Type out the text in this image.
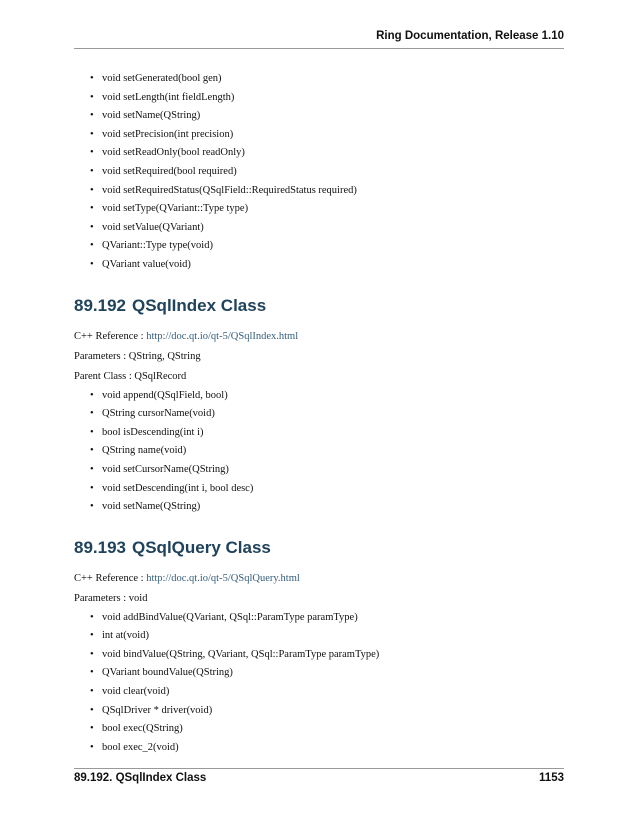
Ring Documentation, Release 1.10
• void setGenerated(bool gen)
• void setLength(int fieldLength)
• void setName(QString)
• void setPrecision(int precision)
• void setReadOnly(bool readOnly)
• void setRequired(bool required)
• void setRequiredStatus(QSqlField::RequiredStatus required)
• void setType(QVariant::Type type)
• void setValue(QVariant)
• QVariant::Type type(void)
• QVariant value(void)
89.192 QSqlIndex Class
C++ Reference : http://doc.qt.io/qt-5/QSqlIndex.html
Parameters : QString, QString
Parent Class : QSqlRecord
• void append(QSqlField, bool)
• QString cursorName(void)
• bool isDescending(int i)
• QString name(void)
• void setCursorName(QString)
• void setDescending(int i, bool desc)
• void setName(QString)
89.193 QSqlQuery Class
C++ Reference : http://doc.qt.io/qt-5/QSqlQuery.html
Parameters : void
• void addBindValue(QVariant, QSql::ParamType paramType)
• int at(void)
• void bindValue(QString, QVariant, QSql::ParamType paramType)
• QVariant boundValue(QString)
• void clear(void)
• QSqlDriver * driver(void)
• bool exec(QString)
• bool exec_2(void)
89.192. QSqlIndex Class	1153
